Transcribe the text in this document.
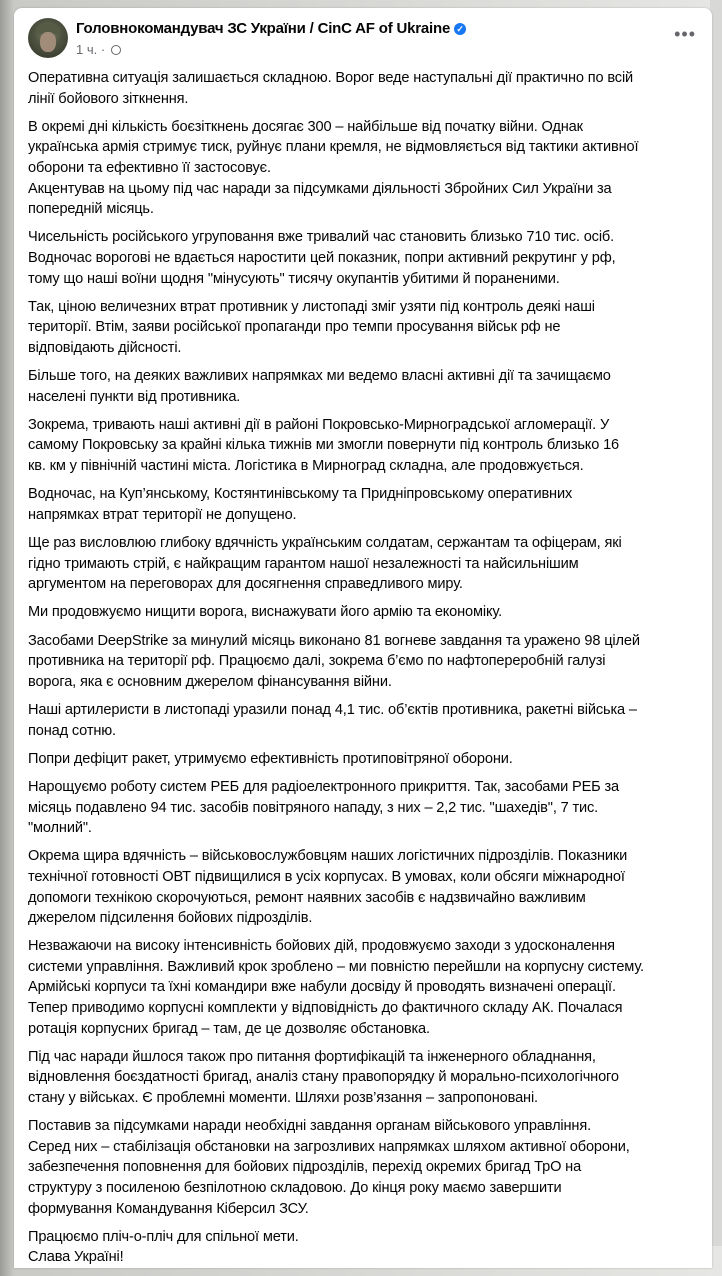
Головнокомандувач ЗС України / CinC AF of Ukraine ✓
1 ч. ·
•••
Оперативна ситуація залишається складною. Ворог веде наступальні дії практично по всій
лінії бойового зіткнення.
В окремі дні кількість боєзіткнень досягає 300 – найбільше від початку війни. Однак
українська армія стримує тиск, руйнує плани кремля, не відмовляється від тактики активної
оборони та ефективно її застосовує.
Акцентував на цьому під час наради за підсумками діяльності Збройних Сил України за
попередній місяць.
Чисельність російського угруповання вже тривалий час становить близько 710 тис. осіб.
Водночас ворогові не вдається наростити цей показник, попри активний рекрутинг у рф,
тому що наші воїни щодня "мінусують" тисячу окупантів убитими й пораненими.
Так, ціною величезних втрат противник у листопаді зміг узяти під контроль деякі наші
території. Втім, заяви російської пропаганди про темпи просування військ рф не
відповідають дійсності.
Більше того, на деяких важливих напрямках ми ведемо власні активні дії та зачищаємо
населені пункти від противника.
Зокрема, тривають наші активні дії в районі Покровсько-Мирноградської агломерації. У
самому Покровську за крайні кілька тижнів ми змогли повернути під контроль близько 16
кв. км у північній частині міста. Логістика в Мирноград складна, але продовжується.
Водночас, на Куп’янському, Костянтинівському та Придніпровському оперативних
напрямках втрат території не допущено.
Ще раз висловлюю глибоку вдячність українським солдатам, сержантам та офіцерам, які
гідно тримають стрій, є найкращим гарантом нашої незалежності та найсильнішим
аргументом на переговорах для досягнення справедливого миру.
Ми продовжуємо нищити ворога, виснажувати його армію та економіку.
Засобами DeepStrike за минулий місяць виконано 81 вогневе завдання та уражено 98 цілей
противника на території рф. Працюємо далі, зокрема б’ємо по нафтопереробній галузі
ворога, яка є основним джерелом фінансування війни.
Наші артилеристи в листопаді уразили понад 4,1 тис. об’єктів противника, ракетні війська –
понад сотню.
Попри дефіцит ракет, утримуємо ефективність протиповітряної оборони.
Нарощуємо роботу систем РЕБ для радіоелектронного прикриття. Так, засобами РЕБ за
місяць подавлено 94 тис. засобів повітряного нападу, з них – 2,2 тис. "шахедів", 7 тис.
"молний".
Окрема щира вдячність – військовослужбовцям наших логістичних підрозділів. Показники
технічної готовності ОВТ підвищилися в усіх корпусах. В умовах, коли обсяги міжнародної
допомоги технікою скорочуються, ремонт наявних засобів є надзвичайно важливим
джерелом підсилення бойових підрозділів.
Незважаючи на високу інтенсивність бойових дій, продовжуємо заходи з удосконалення
системи управління. Важливий крок зроблено – ми повністю перейшли на корпусну систему.
Армійські корпуси та їхні командири вже набули досвіду й проводять визначені операції.
Тепер приводимо корпусні комплекти у відповідність до фактичного складу АК. Почалася
ротація корпусних бригад – там, де це дозволяє обстановка.
Під час наради йшлося також про питання фортифікацій та інженерного обладнання,
відновлення боєздатності бригад, аналіз стану правопорядку й морально-психологічного
стану у військах. Є проблемні моменти. Шляхи розв’язання – запропоновані.
Поставив за підсумками наради необхідні завдання органам військового управління.
Серед них – стабілізація обстановки на загрозливих напрямках шляхом активної оборони,
забезпечення поповнення для бойових підрозділів, перехід окремих бригад ТрО на
структуру з посиленою безпілотною складовою. До кінця року маємо завершити
формування Командування Кіберсил ЗСУ.
Працюємо пліч-о-пліч для спільної мети.
Слава Україні!
